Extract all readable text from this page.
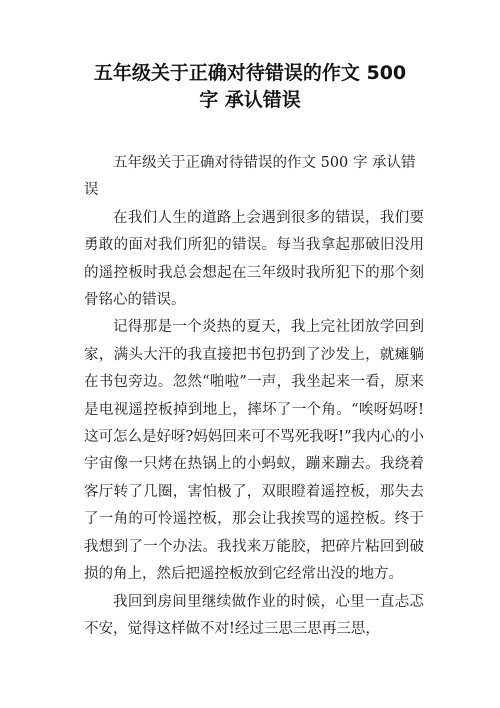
五年级关于正确对待错误的作文 500
字 承认错误

五年级关于正确对待错误的作文 500 字 承认错误

在我们人生的道路上会遇到很多的错误，我们要勇敢的面对我们所犯的错误。每当我拿起那破旧没用的遥控板时我总会想起在三年级时我所犯下的那个刻骨铭心的错误。

记得那是一个炎热的夏天，我上完社团放学回到家，满头大汗的我直接把书包扔到了沙发上，就瘫躺在书包旁边。忽然“啪啦”一声，我坐起来一看，原来是电视遥控板掉到地上，摔坏了一个角。“唉呀妈呀!这可怎么是好呀?妈妈回来可不骂死我呀!”我内心的小宇宙像一只烤在热锅上的小蚂蚁，蹦来蹦去。我绕着客厅转了几圈，害怕极了，双眼瞪着遥控板，那失去了一角的可怜遥控板，那会让我挨骂的遥控板。终于我想到了一个办法。我找来万能胶，把碎片粘回到破损的角上，然后把遥控板放到它经常出没的地方。

我回到房间里继续做作业的时候，心里一直忐忑不安，觉得这样做不对!经过三思三思再三思，
